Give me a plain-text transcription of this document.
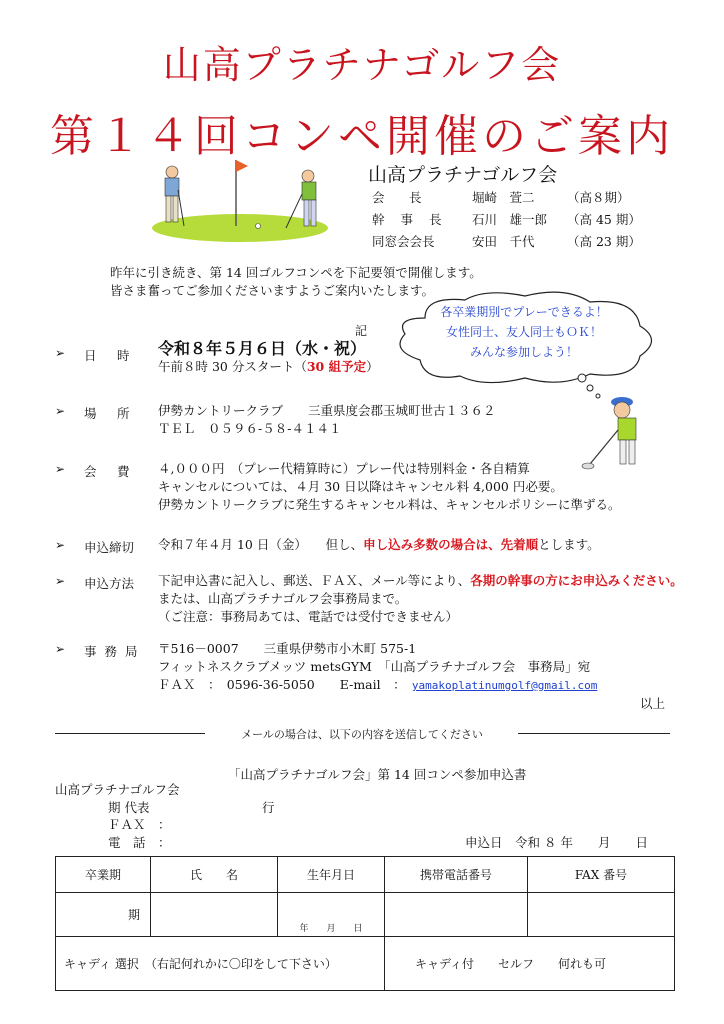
山高プラチナゴルフ会
第１４回コンペ開催のご案内
山高プラチナゴルフ会
会　長	堀崎　萱二	（高８期）
幹 事 長	石川　雄一郎	（高 45 期）
同窓会会長	安田　千代	（高 23 期）

昨年に引き続き、第 14 回ゴルフコンペを下記要領で開催します。

皆さま奮ってご参加くださいますようご案内いたします。

各卒業期別でプレーできるよ！
女性同士、友人同士もＯＫ！
みんな参加しよう！
記
➢ 日　時 令和８年５月６日（水・祝）
午前８時 30 分スタート（30 組予定）
➢ 場　所 伊勢カントリークラブ　　三重県度会郡玉城町世古１３６２
ＴＥＬ　０５９６-５８-４１４１
➢ 会　費 ４,０００円　（プレー代精算時に）プレー代は特別料金・各自精算
キャンセルについては、４月 30 日以降はキャンセル料 4,000 円必要。
伊勢カントリークラブに発生するキャンセル料は、キャンセルポリシーに準ずる。
➢ 申込締切 令和７年４月 10 日（金）　　但し、申し込み多数の場合は、先着順とします。
➢ 申込方法 下記申込書に記入し、郵送、ＦＡＸ、メール等により、各期の幹事の方にお申込みください。
または、山高プラチナゴルフ会事務局まで。
（ご注意：事務局あては、電話では受付できません）
➢ 事 務 局 〒516－0007　　三重県伊勢市小木町 575-1
フィットネスクラブメッツ metsGYM　「山高プラチナゴルフ会　事務局」宛
ＦＡＸ　：　0596-36-5050　　 E-mail　：　 yamakoplatinumgolf@gmail.com
以上
メールの場合は、以下の内容を送信してください
「山高プラチナゴルフ会」第 14 回コンペ参加申込書
山高プラチナゴルフ会
期 代表	行
ＦＡＸ　：
電　話　：	申込日　令和 ８ 年　　月　　日
卒業期	氏　　名	生年月日	携帯電話番号	FAX 番号
期		年　　月　　日		
キャディ 選択　（右記何れかに〇印をして下さい）			キャディ付　　セルフ　　何れも可	
